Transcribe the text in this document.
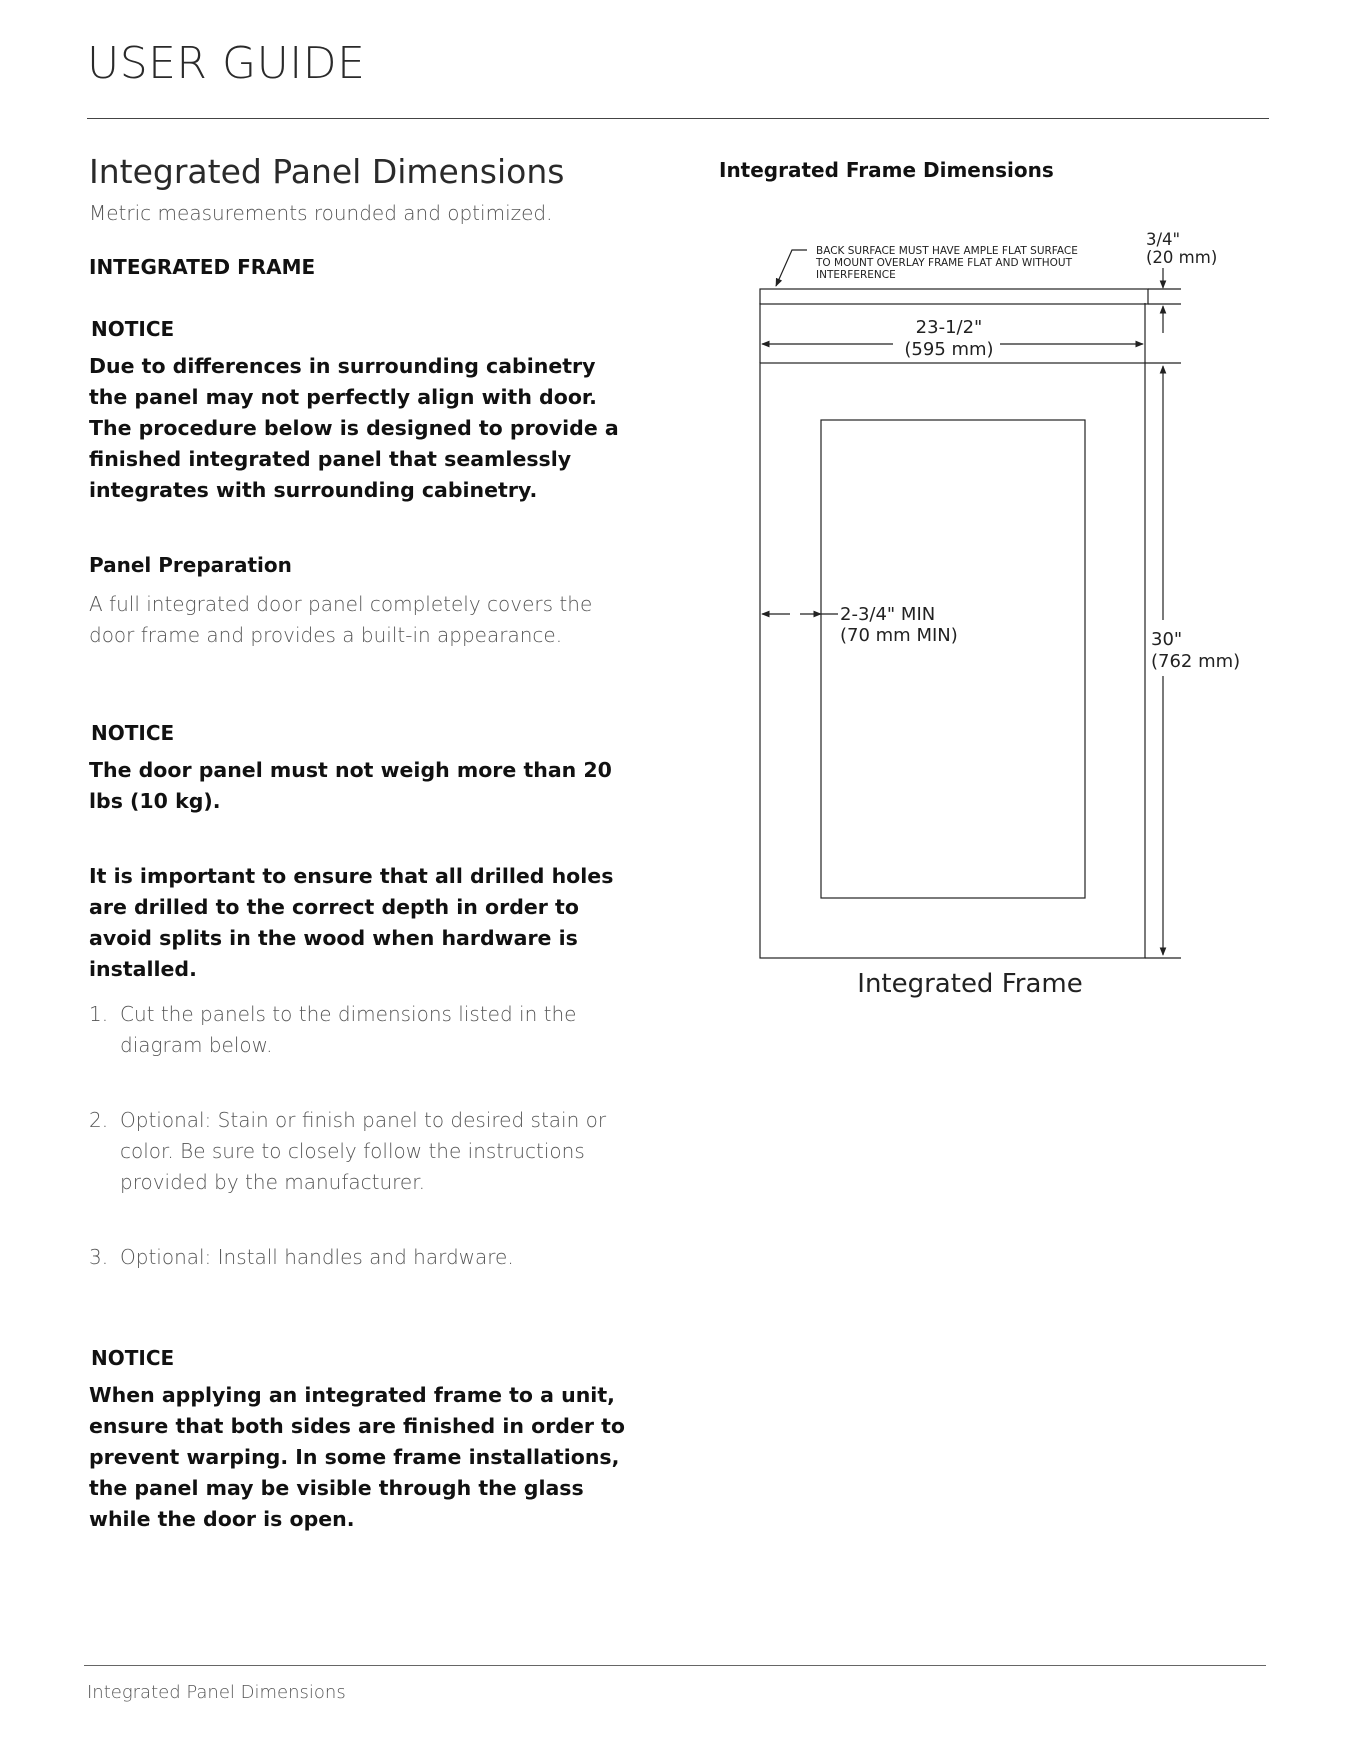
USER GUIDE
Integrated Panel Dimensions
Metric measurements rounded and optimized.
INTEGRATED FRAME
NOTICE
Due to differences in surrounding cabinetry the panel may not perfectly align with door. The procedure below is designed to provide a finished integrated panel that seamlessly integrates with surrounding cabinetry.
Panel Preparation
A full integrated door panel completely covers the door frame and provides a built-in appearance.
NOTICE
The door panel must not weigh more than 20 lbs (10 kg).
It is important to ensure that all drilled holes are drilled to the correct depth in order to avoid splits in the wood when hardware is installed.
1. Cut the panels to the dimensions listed in the diagram below.
2. Optional: Stain or finish panel to desired stain or color. Be sure to closely follow the instructions provided by the manufacturer.
3. Optional: Install handles and hardware.
NOTICE
When applying an integrated frame to a unit, ensure that both sides are finished in order to prevent warping. In some frame installations, the panel may be visible through the glass while the door is open.
Integrated Frame Dimensions
BACK SURFACE MUST HAVE AMPLE FLAT SURFACE
TO MOUNT OVERLAY FRAME FLAT AND WITHOUT
INTERFERENCE
3/4"
(20 mm)
23-1/2"
(595 mm)
2-3/4" MIN
(70 mm MIN)	30"
(762 mm)
Integrated Frame
Integrated Panel Dimensions
